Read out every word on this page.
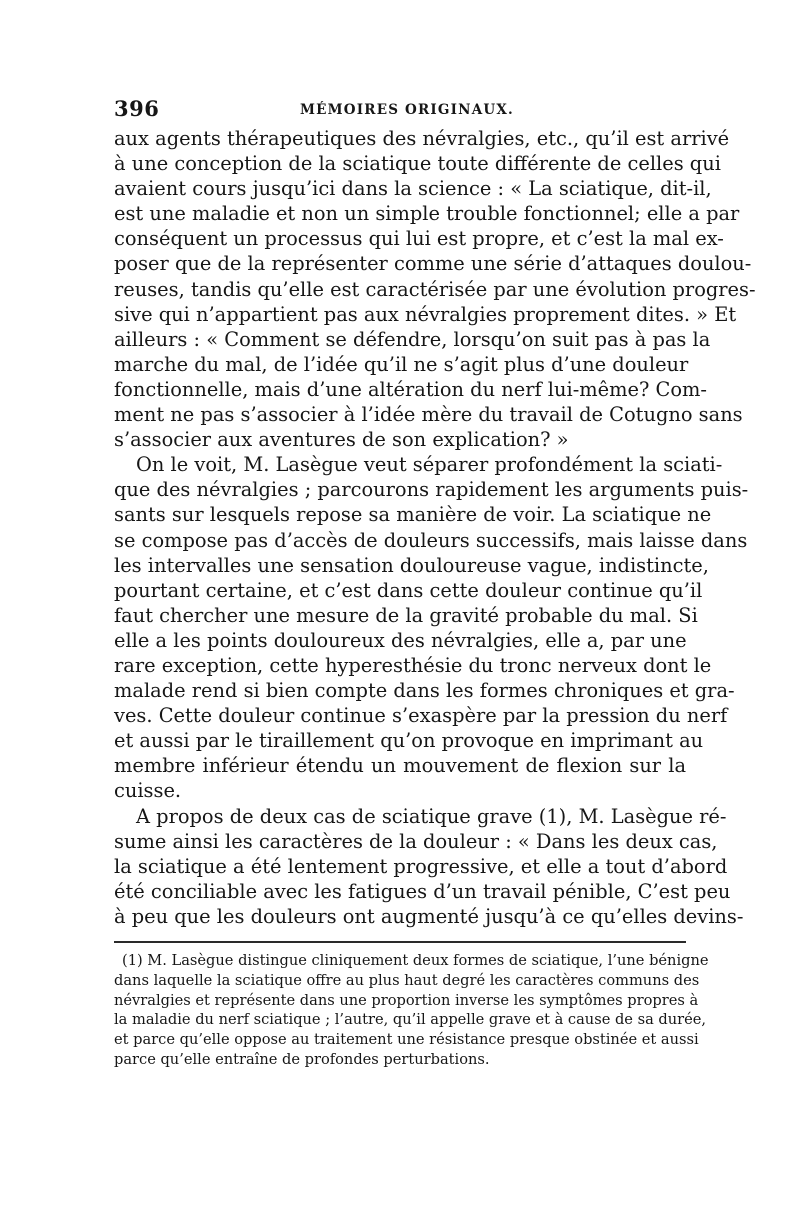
396	MÉMOIRES ORIGINAUX.
aux agents thérapeutiques des névralgies, etc., qu’il est arrivé
à une conception de la sciatique toute différente de celles qui
avaient cours jusqu’ici dans la science : « La sciatique, dit-il,
est une maladie et non un simple trouble fonctionnel; elle a par
conséquent un processus qui lui est propre, et c’est la mal ex-
poser que de la représenter comme une série d’attaques doulou-
reuses, tandis qu’elle est caractérisée par une évolution progres-
sive qui n’appartient pas aux névralgies proprement dites. » Et
ailleurs : « Comment se défendre, lorsqu’on suit pas à pas la
marche du mal, de l’idée qu’il ne s’agit plus d’une douleur
fonctionnelle, mais d’une altération du nerf lui-même? Com-
ment ne pas s’associer à l’idée mère du travail de Cotugno sans
s’associer aux aventures de son explication? »
On le voit, M. Lasègue veut séparer profondément la sciati-
que des névralgies ; parcourons rapidement les arguments puis-
sants sur lesquels repose sa manière de voir. La sciatique ne
se compose pas d’accès de douleurs successifs, mais laisse dans
les intervalles une sensation douloureuse vague, indistincte,
pourtant certaine, et c’est dans cette douleur continue qu’il
faut chercher une mesure de la gravité probable du mal. Si
elle a les points douloureux des névralgies, elle a, par une
rare exception, cette hyperesthésie du tronc nerveux dont le
malade rend si bien compte dans les formes chroniques et gra-
ves. Cette douleur continue s’exaspère par la pression du nerf
et aussi par le tiraillement qu’on provoque en imprimant au
membre inférieur étendu un mouvement de flexion sur la
cuisse.
A propos de deux cas de sciatique grave (1), M. Lasègue ré-
sume ainsi les caractères de la douleur : « Dans les deux cas,
la sciatique a été lentement progressive, et elle a tout d’abord
été conciliable avec les fatigues d’un travail pénible, C’est peu
à peu que les douleurs ont augmenté jusqu’à ce qu’elles devins-
(1) M. Lasègue distingue cliniquement deux formes de sciatique, l’une bénigne
dans laquelle la sciatique offre au plus haut degré les caractères communs des
névralgies et représente dans une proportion inverse les symptômes propres à
la maladie du nerf sciatique ; l’autre, qu’il appelle grave et à cause de sa durée,
et parce qu’elle oppose au traitement une résistance presque obstinée et aussi
parce qu’elle entraîne de profondes perturbations.
